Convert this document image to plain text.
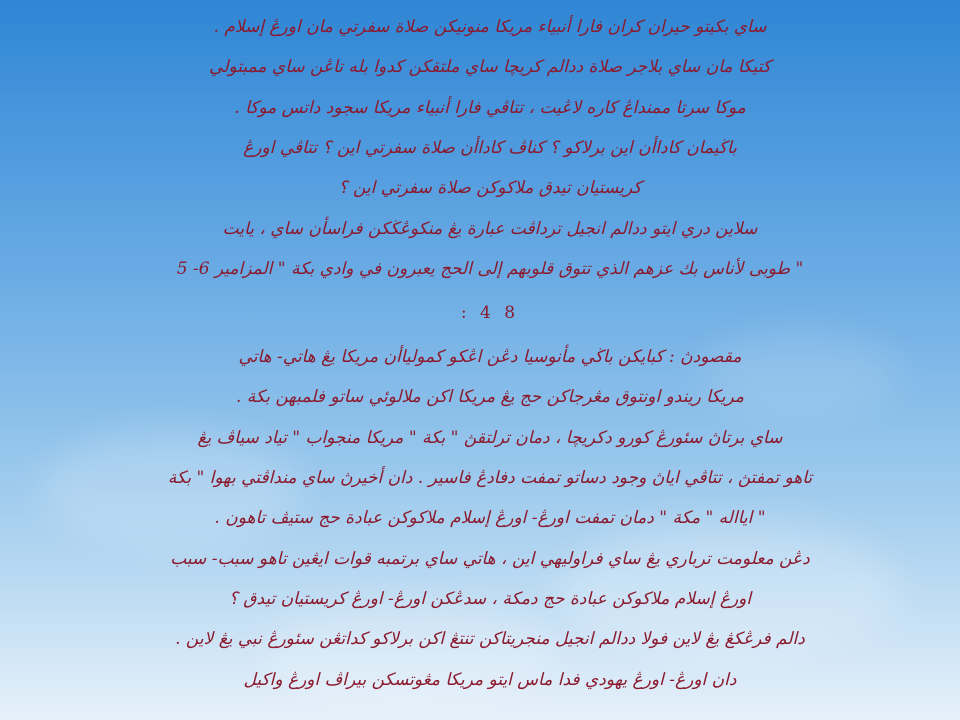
ساي بكيتو حيران كران فارا أنبياء مريكا منونيكن صلاة سفرتي مان اورڠ إسلام .
كتيكا مان ساي بلاجر صلاة ددالم كريچا ساي ملتقكن كدوا بله تاڠن ساي ممبتولي
موكا سرتا ممنداڠ كاره لاڠيت ، تتاڤي فارا أنبياء مريكا سجود داتس موكا .
باڬيمان كاداأن اين برلاكو ؟ كناڤ كاداأن صلاة سفرتي اين ؟ تتاڤي اورڠ
كريستيان تيدق ملاكوكن صلاة سفرتي اين ؟
سلاين دري ايتو ددالم انجيل ترداڤت عبارة يڠ منكوڠڬكن فراسأن ساي ، يايت
" طوبى لأناس بك عزهم الذي تتوق قلوبهم إلى الحج يعبرون في وادي بكة " المزامير 6- 5
8 4 :
مقصودڽ : كبايكن باڬي مأنوسيا دڠن اڠكو كمولياأن مريكا يڠ هاتي- هاتي
مريكا ريندو اونتوق مڠرجاكن حج يڠ مريكا اكن ملالوئي ساتو فلمبهن بكة .
ساي برتاڽ سئورڠ كورو دكريچا ، دمان ترلتقڽ " بكة " مريكا منجواب " تياد سياڤ يڠ
تاهو تمفتڽ ، تتاڤي اياڽ وجود دساتو تمفت دفادڠ فاسير . دان أخيرڽ ساي منداڤتي بهوا " بكة
" ايااله " مكة " دمان تمفت اورڠ- اورڠ إسلام ملاكوكن عبادة حج ستيڤ تاهون .
دڠن معلومت ترباري يڠ ساي فراوليهي اين ، هاتي ساي برتمبه قوات ايڠين تاهو سبب- سبب
اورڠ إسلام ملاكوكن عبادة حج دمكة ، سدڠكن اورڠ- اورڠ كريستيان تيدق ؟
دالم فرڠكڠ يڠ لاين فولا ددالم انجيل منجريتاكن تنتڠ اكن برلاكو كداتڠن سئورڠ نبي يڠ لاين .
دان اورڠ- اورڠ يهودي فدا ماس ايتو مريكا مڠوتسكن بيراڤ اورڠ واكيل
